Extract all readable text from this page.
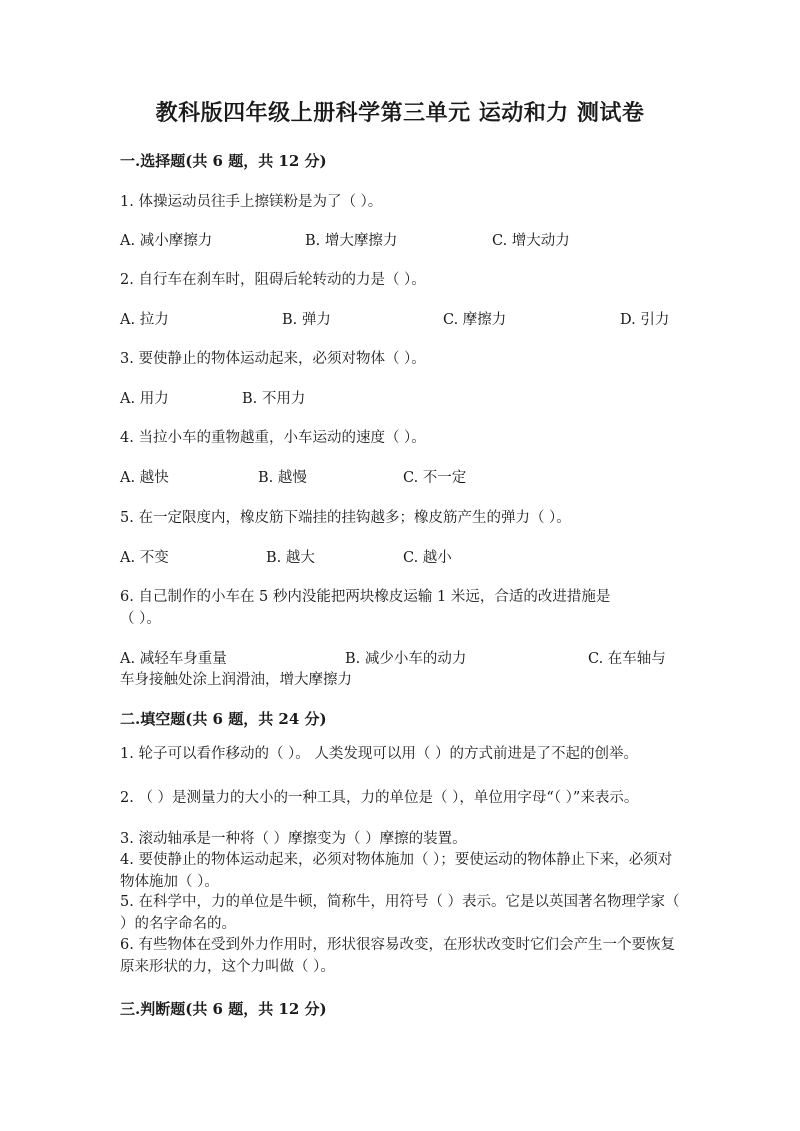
教科版四年级上册科学第三单元 运动和力 测试卷
一.选择题(共 6 题，共 12 分)
1. 体操运动员往手上擦镁粉是为了（ ）。
A. 减小摩擦力	B. 增大摩擦力	C. 增大动力
2. 自行车在刹车时，阻碍后轮转动的力是（ ）。
A. 拉力	B. 弹力	C. 摩擦力	D. 引力
3. 要使静止的物体运动起来，必须对物体（ ）。
A. 用力	B. 不用力
4. 当拉小车的重物越重，小车运动的速度（ ）。
A. 越快	B. 越慢	C. 不一定
5. 在一定限度内，橡皮筋下端挂的挂钩越多；橡皮筋产生的弹力（ ）。
A. 不变	B. 越大	C. 越小
6. 自己制作的小车在 5 秒内没能把两块橡皮运输 1 米远，合适的改进措施是
（ ）。
A. 减轻车身重量	B. 减少小车的动力	C. 在车轴与
车身接触处涂上润滑油，增大摩擦力
二.填空题(共 6 题，共 24 分)
1. 轮子可以看作移动的（ ）。 人类发现可以用（ ）的方式前进是了不起的创举。
2. （ ）是测量力的大小的一种工具，力的单位是（ ），单位用字母“（ ）”来表示。
3. 滚动轴承是一种将（ ）摩擦变为（ ）摩擦的装置。
4. 要使静止的物体运动起来，必须对物体施加（ ）；要使运动的物体静止下来，必须对物体施加（ ）。
5. 在科学中，力的单位是牛顿，简称牛，用符号（ ）表示。它是以英国著名物理学家（ ）的名字命名的。
6. 有些物体在受到外力作用时，形状很容易改变，在形状改变时它们会产生一个要恢复原来形状的力，这个力叫做（ ）。
三.判断题(共 6 题，共 12 分)
